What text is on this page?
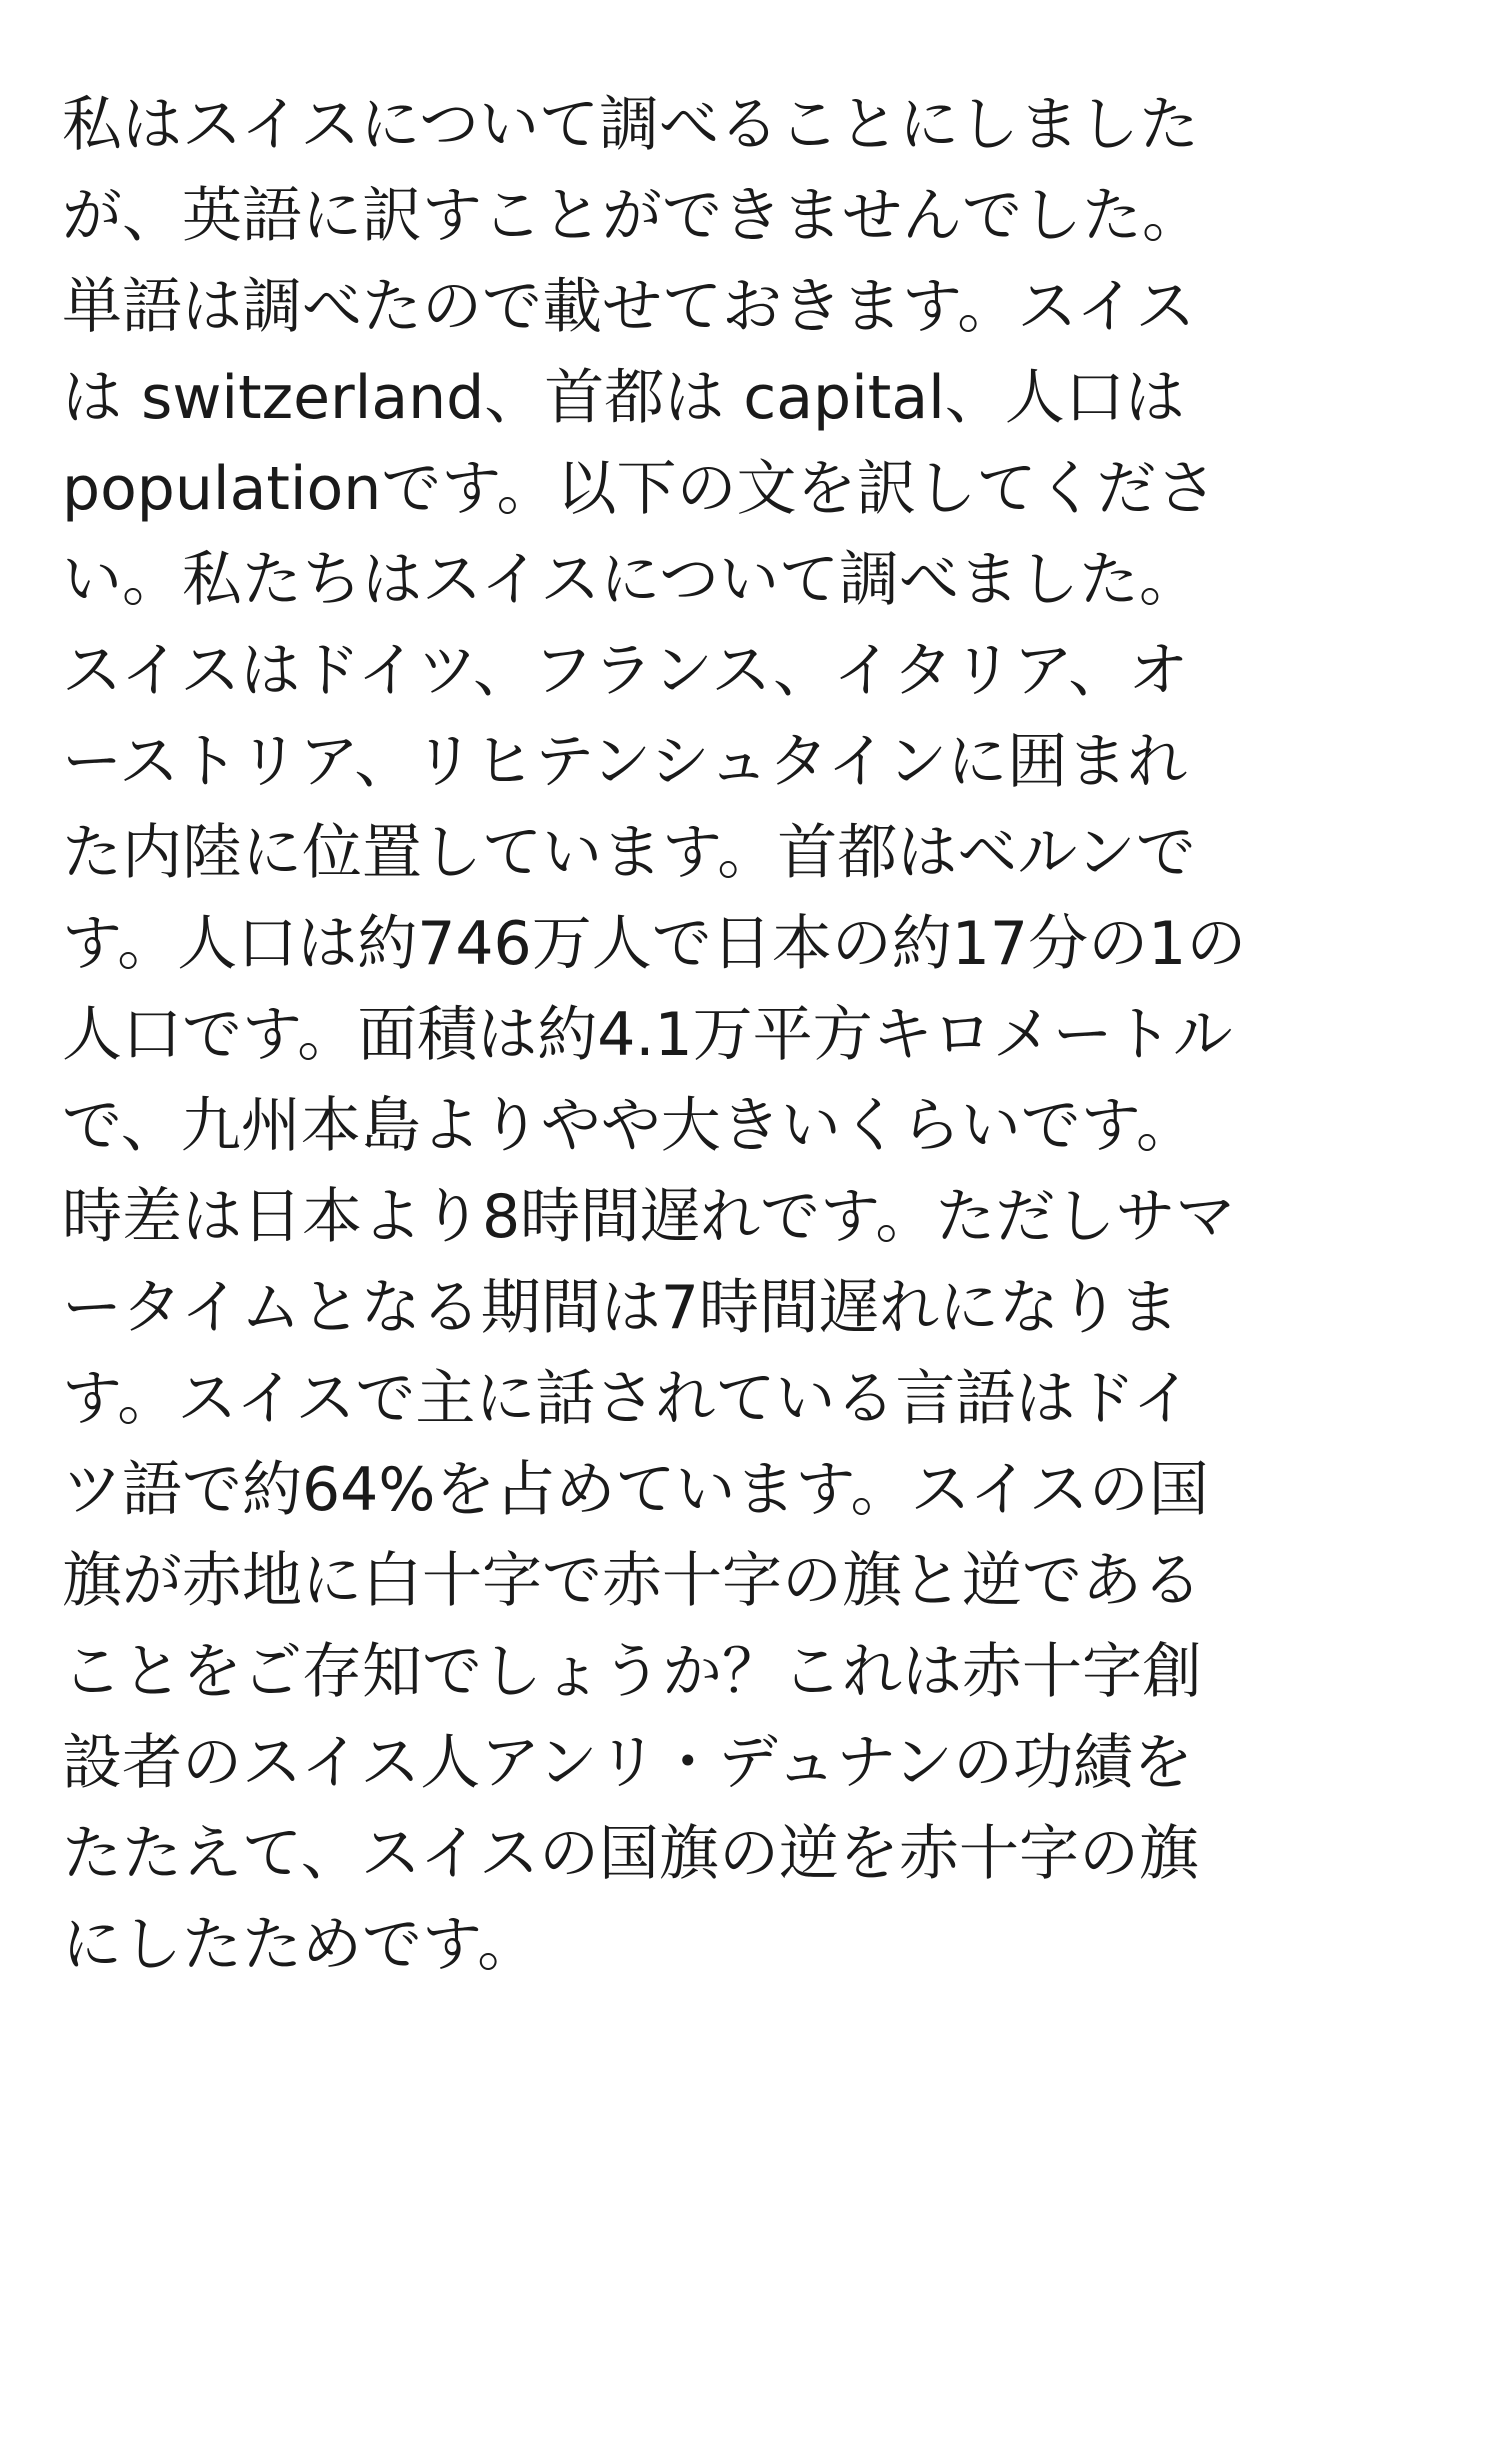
私はスイスについて調べることにしました
が、英語に訳すことができませんでした。
単語は調べたので載せておきます。スイス
は switzerland、首都は capital、人口は
populationです。以下の文を訳してくださ
い。私たちはスイスについて調べました。
スイスはドイツ、フランス、イタリア、オ
ーストリア、リヒテンシュタインに囲まれ
た内陸に位置しています。首都はベルンで
す。人口は約746万人で日本の約17分の1の
人口です。面積は約4.1万平方キロメートル
で、九州本島よりやや大きいくらいです。
時差は日本より8時間遅れです。ただしサマ
ータイムとなる期間は7時間遅れになりま
す。スイスで主に話されている言語はドイ
ツ語で約64%を占めています。スイスの国
旗が赤地に白十字で赤十字の旗と逆である
ことをご存知でしょうか？これは赤十字創
設者のスイス人アンリ・デュナンの功績を
たたえて、スイスの国旗の逆を赤十字の旗
にしたためです。
